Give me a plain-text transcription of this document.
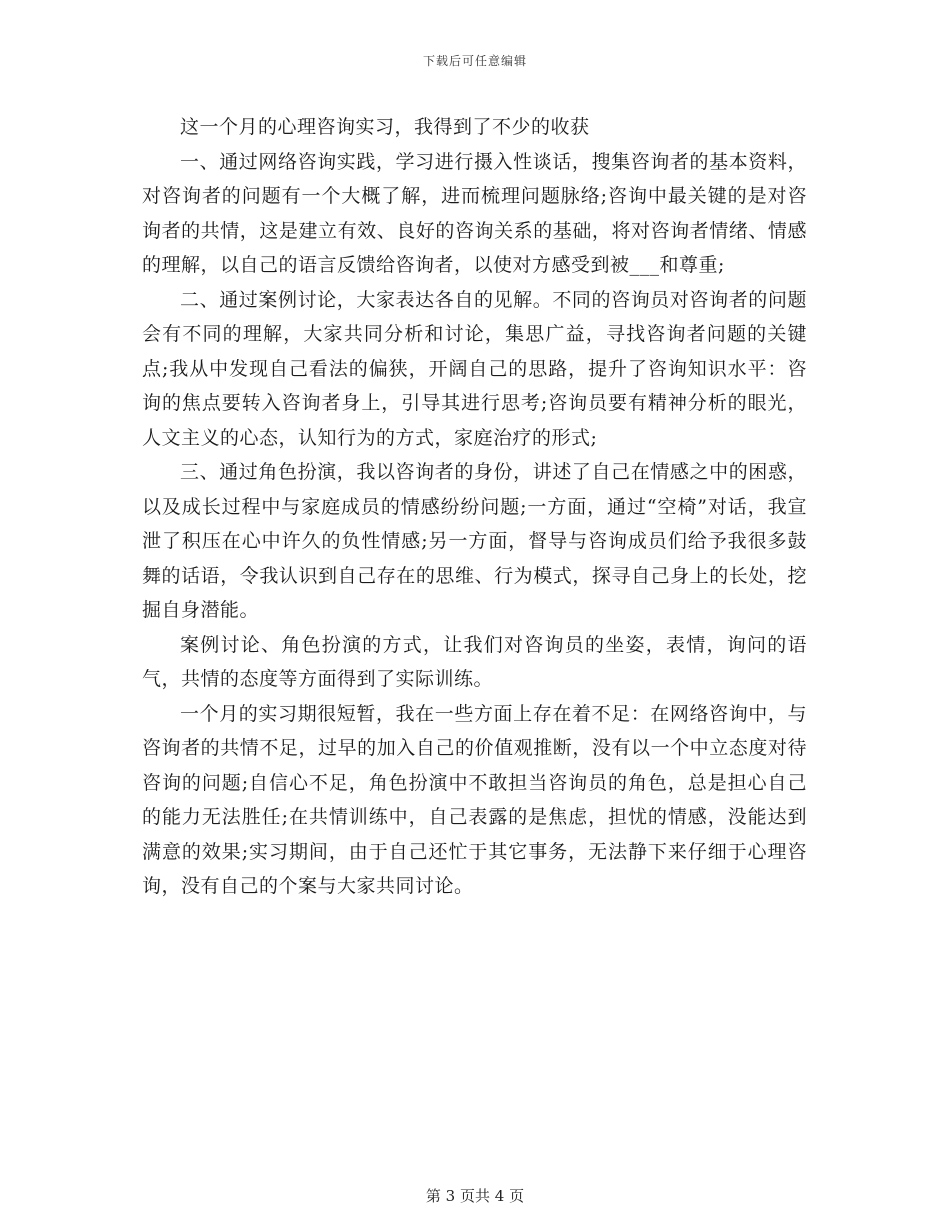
下载后可任意编辑

这一个月的心理咨询实习，我得到了不少的收获

一、通过网络咨询实践，学习进行摄入性谈话，搜集咨询者的基本资料，对咨询者的问题有一个大概了解，进而梳理问题脉络;咨询中最关键的是对咨询者的共情，这是建立有效、良好的咨询关系的基础，将对咨询者情绪、情感的理解，以自己的语言反馈给咨询者，以使对方感受到被___和尊重;

二、通过案例讨论，大家表达各自的见解。不同的咨询员对咨询者的问题会有不同的理解，大家共同分析和讨论，集思广益，寻找咨询者问题的关键点;我从中发现自己看法的偏狭，开阔自己的思路，提升了咨询知识水平：咨询的焦点要转入咨询者身上，引导其进行思考;咨询员要有精神分析的眼光，人文主义的心态，认知行为的方式，家庭治疗的形式;

三、通过角色扮演，我以咨询者的身份，讲述了自己在情感之中的困惑，以及成长过程中与家庭成员的情感纷纷问题;一方面，通过“空椅”对话，我宣泄了积压在心中许久的负性情感;另一方面，督导与咨询成员们给予我很多鼓舞的话语，令我认识到自己存在的思维、行为模式，探寻自己身上的长处，挖掘自身潜能。

案例讨论、角色扮演的方式，让我们对咨询员的坐姿，表情，询问的语气，共情的态度等方面得到了实际训练。

一个月的实习期很短暂，我在一些方面上存在着不足：在网络咨询中，与咨询者的共情不足，过早的加入自己的价值观推断，没有以一个中立态度对待咨询的问题;自信心不足，角色扮演中不敢担当咨询员的角色，总是担心自己的能力无法胜任;在共情训练中，自己表露的是焦虑，担忧的情感，没能达到满意的效果;实习期间，由于自己还忙于其它事务，无法静下来仔细于心理咨询，没有自己的个案与大家共同讨论。

第 3 页共 4 页
